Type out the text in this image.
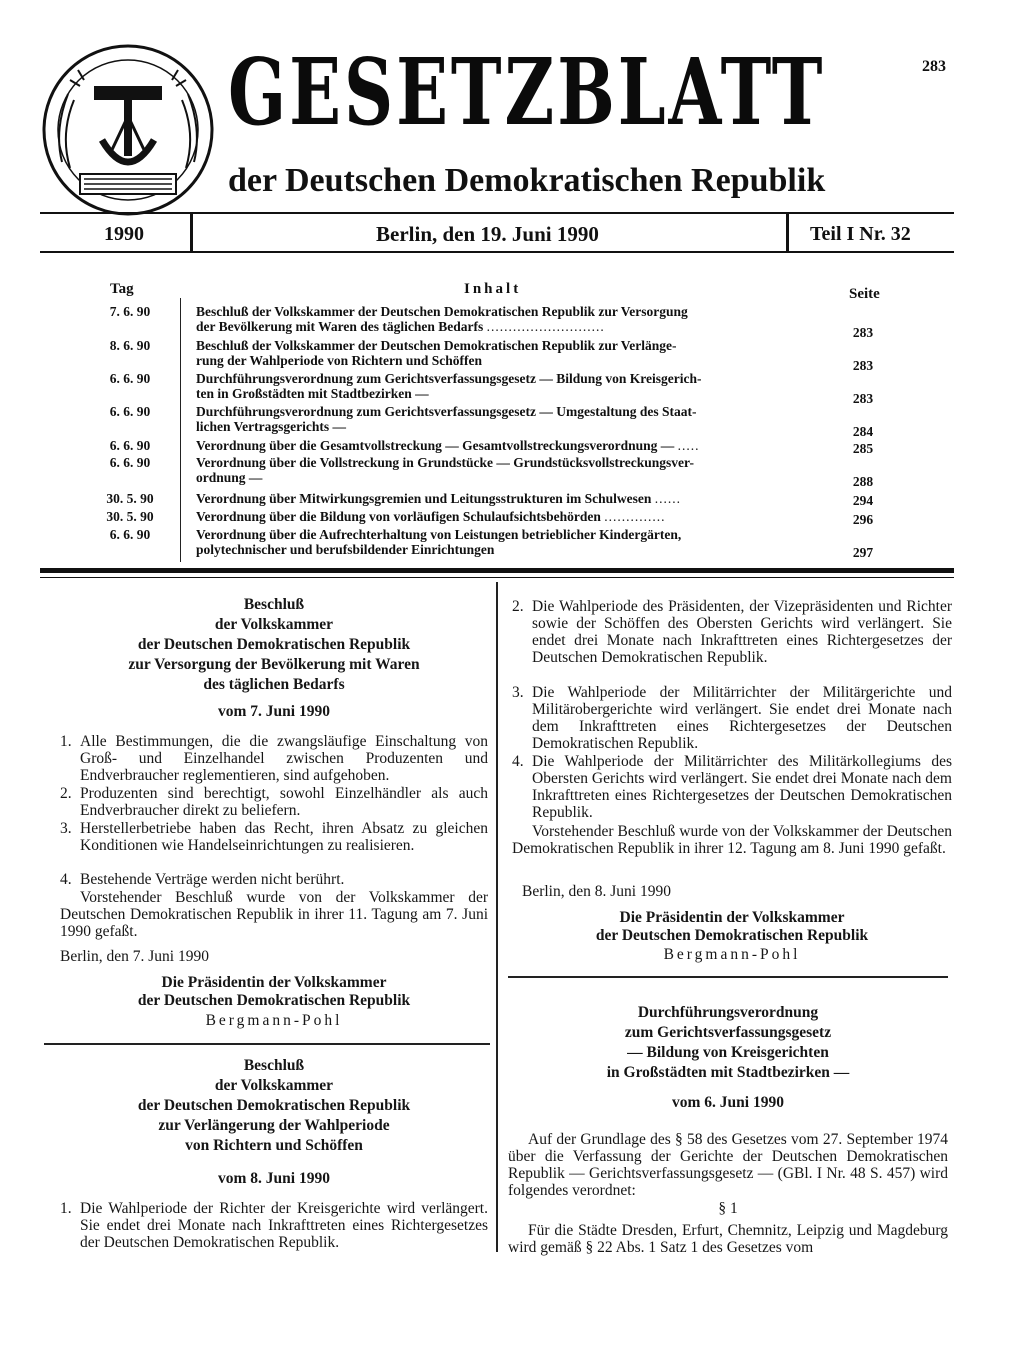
GESETZBLATT
der Deutschen Demokratischen Republik
283
1990	Berlin, den 19. Juni 1990	Teil I Nr. 32
Tag	Inhalt	Seite
7. 6. 90	Beschluß der Volkskammer der Deutschen Demokratischen Republik zur Versorgung
der Bevölkerung mit Waren des täglichen Bedarfs ...........................	283
8. 6. 90	Beschluß der Volkskammer der Deutschen Demokratischen Republik zur Verlänge-
rung der Wahlperiode von Richtern und Schöffen	283
6. 6. 90	Durchführungsverordnung zum Gerichtsverfassungsgesetz — Bildung von Kreisgerich-
ten in Großstädten mit Stadtbezirken —	283
6. 6. 90	Durchführungsverordnung zum Gerichtsverfassungsgesetz — Umgestaltung des Staat-
lichen Vertragsgerichts —	284
6. 6. 90	Verordnung über die Gesamtvollstreckung — Gesamtvollstreckungsverordnung — .....	285
6. 6. 90	Verordnung über die Vollstreckung in Grundstücke — Grundstücksvollstreckungsver-
ordnung —	288
30. 5. 90	Verordnung über Mitwirkungsgremien und Leitungsstrukturen im Schulwesen ......	294
30. 5. 90	Verordnung über die Bildung von vorläufigen Schulaufsichtsbehörden ..............	296
6. 6. 90	Verordnung über die Aufrechterhaltung von Leistungen betrieblicher Kindergärten,
polytechnischer und berufsbildender Einrichtungen	297
Beschluß
der Volkskammer
der Deutschen Demokratischen Republik
zur Versorgung der Bevölkerung mit Waren
des täglichen Bedarfs
vom 7. Juni 1990
1. Alle Bestimmungen, die die zwangsläufige Einschaltung von Groß- und Einzelhandel zwischen Produzenten und Endverbraucher reglementieren, sind aufgehoben.
2. Produzenten sind berechtigt, sowohl Einzelhändler als auch Endverbraucher direkt zu beliefern.
3. Herstellerbetriebe haben das Recht, ihren Absatz zu gleichen Konditionen wie Handelseinrichtungen zu realisieren.
4. Bestehende Verträge werden nicht berührt.
Vorstehender Beschluß wurde von der Volkskammer der Deutschen Demokratischen Republik in ihrer 11. Tagung am 7. Juni 1990 gefaßt.
Berlin, den 7. Juni 1990
Die Präsidentin der Volkskammer
der Deutschen Demokratischen Republik
Bergmann-Pohl
Beschluß
der Volkskammer
der Deutschen Demokratischen Republik
zur Verlängerung der Wahlperiode
von Richtern und Schöffen
vom 8. Juni 1990
1. Die Wahlperiode der Richter der Kreisgerichte wird verlängert. Sie endet drei Monate nach Inkrafttreten eines Richtergesetzes der Deutschen Demokratischen Republik.
2. Die Wahlperiode des Präsidenten, der Vizepräsidenten und Richter sowie der Schöffen des Obersten Gerichts wird verlängert. Sie endet drei Monate nach Inkrafttreten eines Richtergesetzes der Deutschen Demokratischen Republik.
3. Die Wahlperiode der Militärrichter der Militärgerichte und Militärobergerichte wird verlängert. Sie endet drei Monate nach dem Inkrafttreten eines Richtergesetzes der Deutschen Demokratischen Republik.
4. Die Wahlperiode der Militärrichter des Militärkollegiums des Obersten Gerichts wird verlängert. Sie endet drei Monate nach dem Inkrafttreten eines Richtergesetzes der Deutschen Demokratischen Republik.
Vorstehender Beschluß wurde von der Volkskammer der Deutschen Demokratischen Republik in ihrer 12. Tagung am 8. Juni 1990 gefaßt.
Berlin, den 8. Juni 1990
Die Präsidentin der Volkskammer
der Deutschen Demokratischen Republik
Bergmann-Pohl
Durchführungsverordnung
zum Gerichtsverfassungsgesetz
— Bildung von Kreisgerichten
in Großstädten mit Stadtbezirken —
vom 6. Juni 1990
Auf der Grundlage des § 58 des Gesetzes vom 27. September 1974 über die Verfassung der Gerichte der Deutschen Demokratischen Republik — Gerichtsverfassungsgesetz — (GBl. I Nr. 48 S. 457) wird folgendes verordnet:
§ 1
Für die Städte Dresden, Erfurt, Chemnitz, Leipzig und Magdeburg wird gemäß § 22 Abs. 1 Satz 1 des Gesetzes vom
